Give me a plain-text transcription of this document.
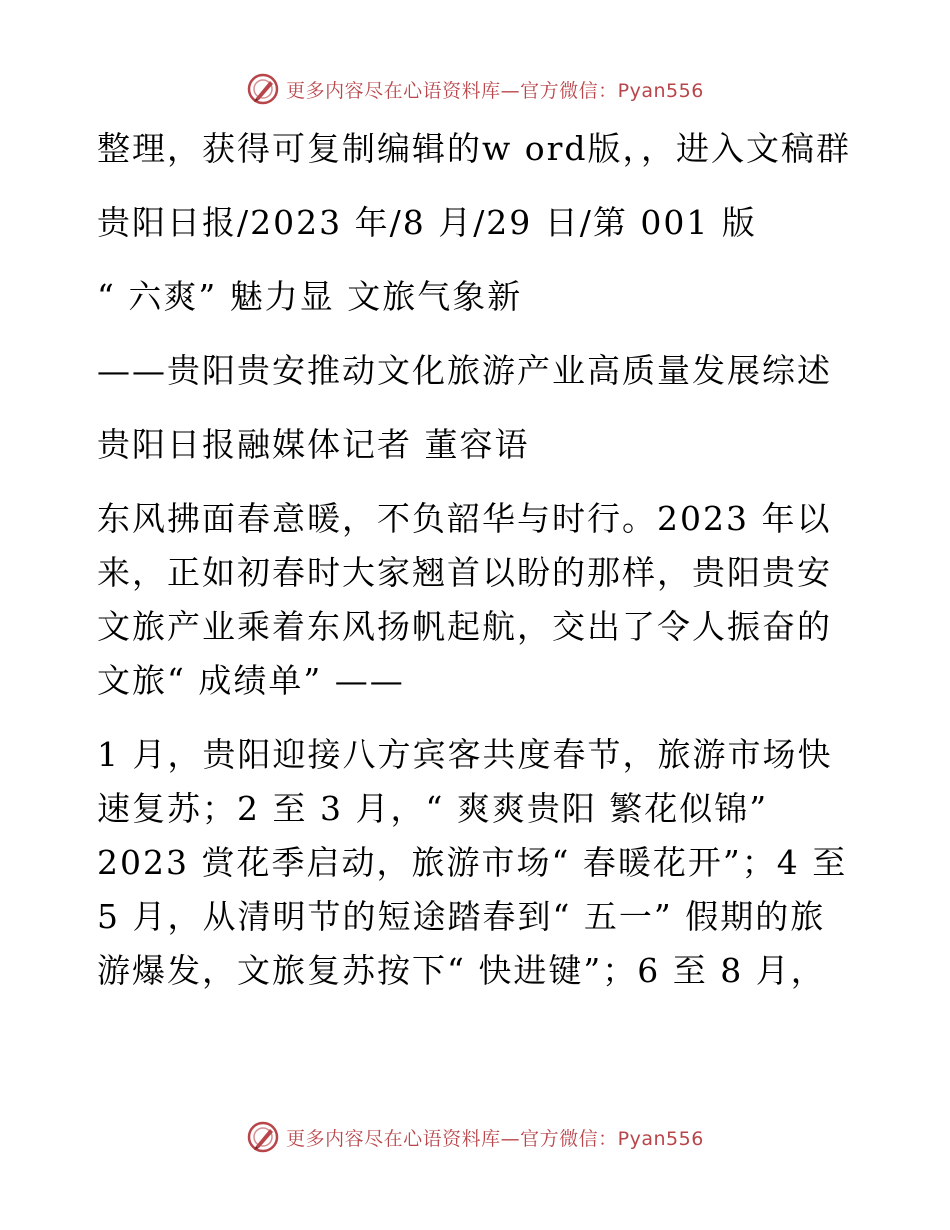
更多内容尽在心语资料库—官方微信：Pyan556

整理，获得可复制编辑的w ord版，，进入文稿群

贵阳日报/2023 年/8 月/29 日/第 001 版

“ 六爽” 魅力显 文旅气象新

——贵阳贵安推动文化旅游产业高质量发展综述

贵阳日报融媒体记者 董容语

东风拂面春意暖，不负韶华与时行。2023 年以来，正如初春时大家翘首以盼的那样，贵阳贵安文旅产业乘着东风扬帆起航，交出了令人振奋的文旅“ 成绩单” ——

1 月，贵阳迎接八方宾客共度春节，旅游市场快速复苏；2 至 3 月，“ 爽爽贵阳 繁花似锦” 2023 赏花季启动，旅游市场“ 春暖花开”；4 至 5 月，从清明节的短途踏春到“ 五一” 假期的旅游爆发，文旅复苏按下“ 快进键”；6 至 8 月，

更多内容尽在心语资料库—官方微信：Pyan556
